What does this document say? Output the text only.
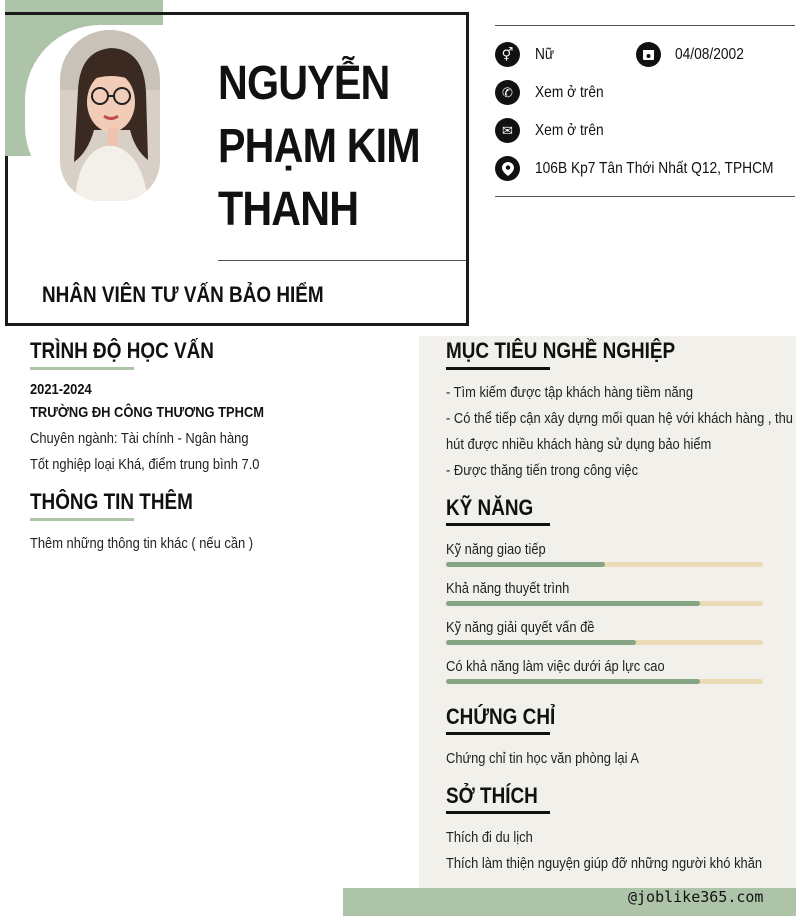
NGUYỄN
PHẠM KIM
THANH
NHÂN VIÊN TƯ VẤN BẢO HIỂM
⚥	Nữ	04/08/2002
✆	Xem ở trên
✉	Xem ở trên
106B Kp7 Tân Thới Nhất Q12, TPHCM
TRÌNH ĐỘ HỌC VẤN
2021-2024
TRƯỜNG ĐH CÔNG THƯƠNG TPHCM
Chuyên ngành: Tài chính - Ngân hàng
Tốt nghiệp loại Khá, điểm trung bình 7.0
THÔNG TIN THÊM
Thêm những thông tin khác ( nếu cần )
MỤC TIÊU NGHỀ NGHIỆP
- Tìm kiếm được tập khách hàng tiềm năng
- Có thể tiếp cận xây dựng mối quan hệ với khách hàng , thu
hút được nhiều khách hàng sử dụng bảo hiểm
- Được thăng tiến trong công việc
KỸ NĂNG
Kỹ năng giao tiếp
Khả năng thuyết trình
Kỹ năng giải quyết vấn đề
Có khả năng làm việc dưới áp lực cao
CHỨNG CHỈ
Chứng chỉ tin học văn phòng lại A
SỞ THÍCH
Thích đi du lịch
Thích làm thiện nguyện giúp đỡ những người khó khăn
@joblike365.com
